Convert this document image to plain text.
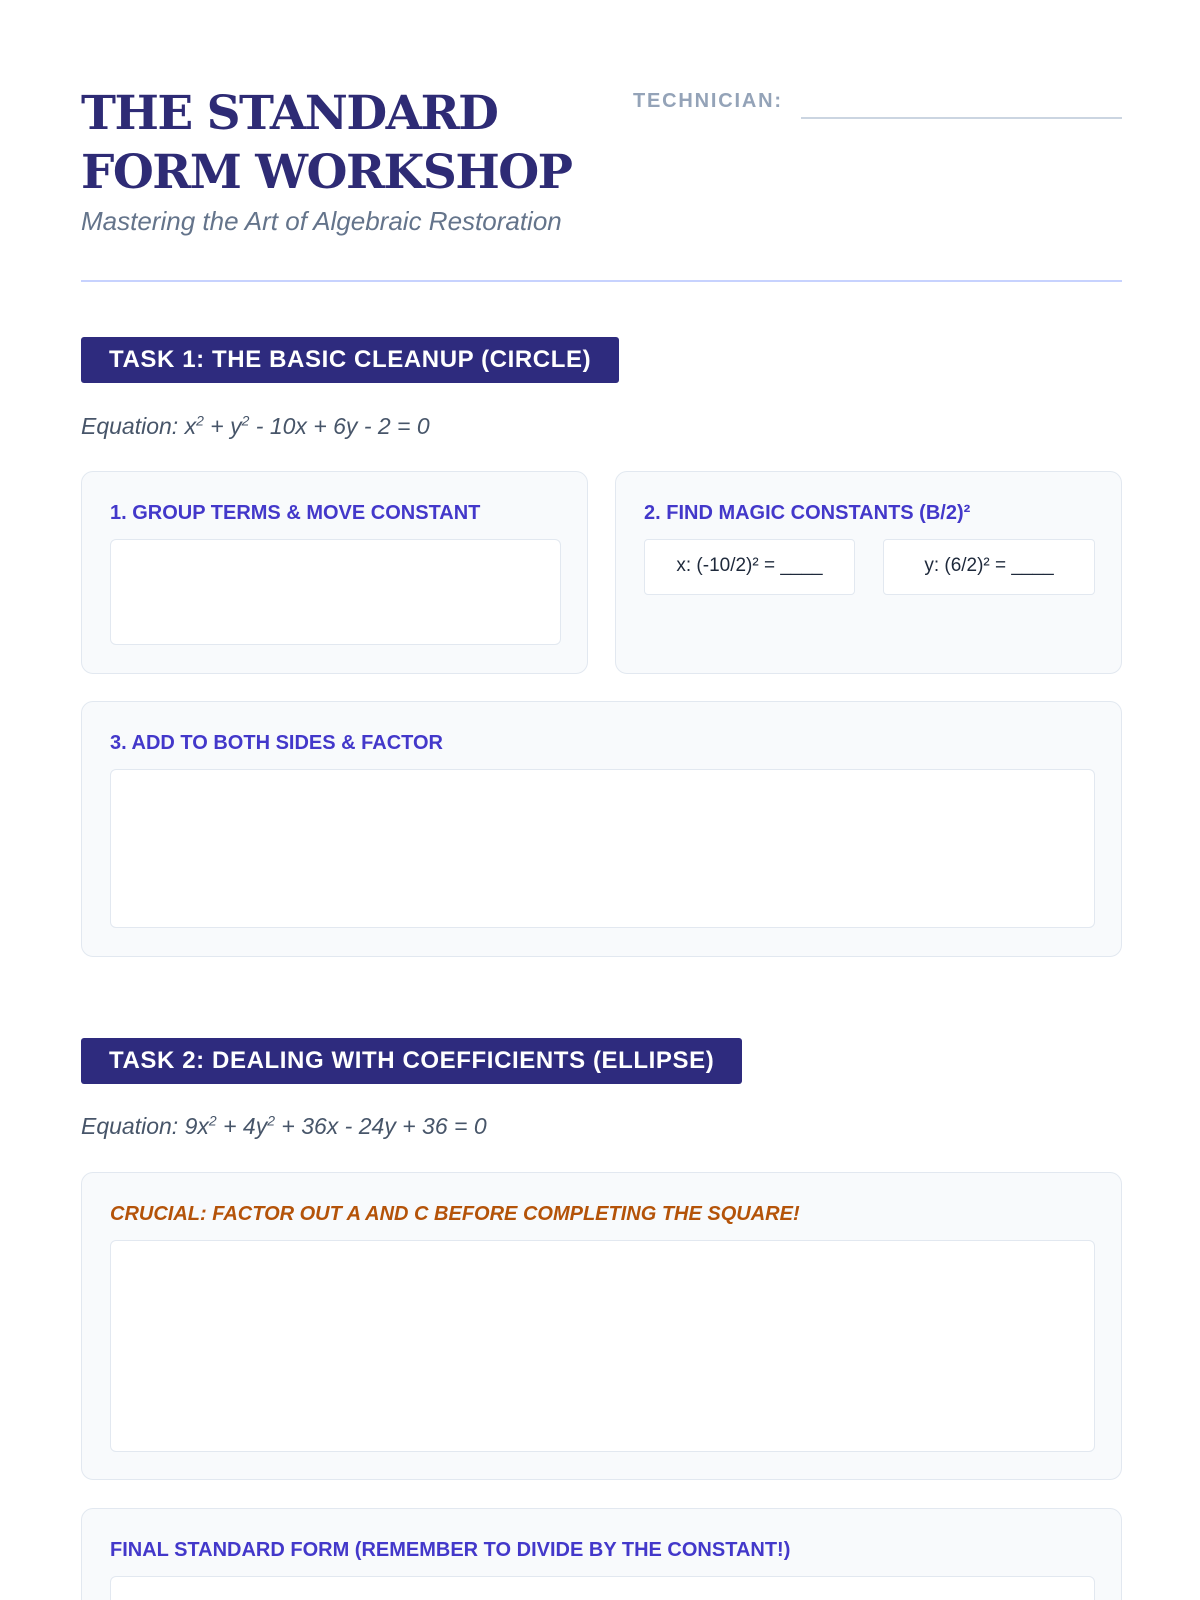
THE STANDARD FORM WORKSHOP
Mastering the Art of Algebraic Restoration
TECHNICIAN:
TASK 1: THE BASIC CLEANUP (CIRCLE)
Equation: $x^2 + y^2 - 10x + 6y - 2 = 0$
1. GROUP TERMS & MOVE CONSTANT	2. FIND MAGIC CONSTANTS (B/2)²
x: (-10/2)² = ____	y: (6/2)² = ____
3. ADD TO BOTH SIDES & FACTOR
TASK 2: DEALING WITH COEFFICIENTS (ELLIPSE)
Equation: $9x^2 + 4y^2 + 36x - 24y + 36 = 0$
CRUCIAL: FACTOR OUT A AND C BEFORE COMPLETING THE SQUARE!
FINAL STANDARD FORM (REMEMBER TO DIVIDE BY THE CONSTANT!)
